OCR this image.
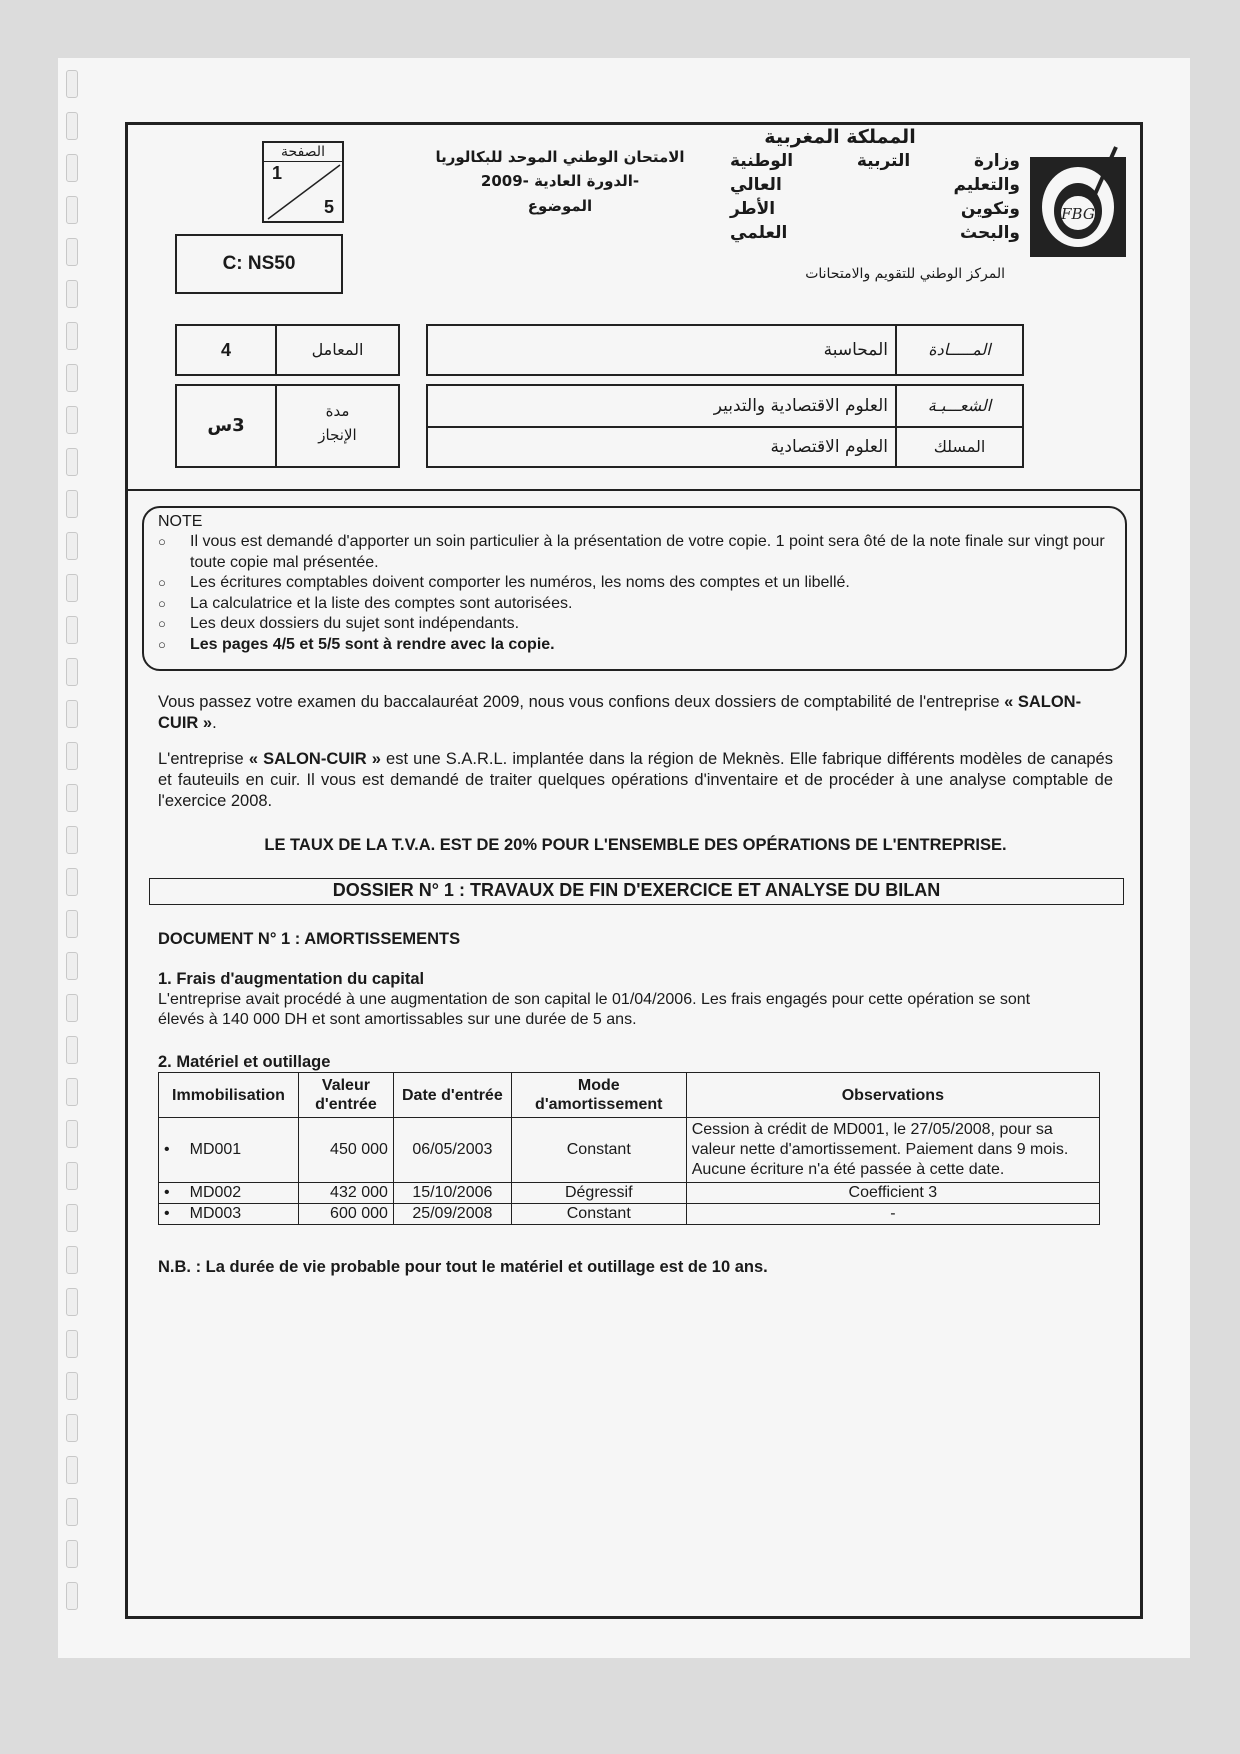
الصفحة
1
5
C: NS50
الامتحان الوطني الموحد للبكالوريا
-الدورة العادية -2009
الموضوع
المملكة المغربية
وزارة التربية الوطنية
والتعليم العالي
وتكوين الأطر
والبحث العلمي
المركز الوطني للتقويم والامتحانات
FBG
4	المعامل
3س
مدة
الإنجاز
المـــــادة
المحاسبة
الشعـــبـة
العلوم الاقتصادية والتدبير
المسلك
العلوم الاقتصادية
NOTE
○ Il vous est demandé d'apporter un soin particulier à la présentation de votre copie. 1 point sera ôté de la note finale sur vingt pour toute copie mal présentée.
○ Les écritures comptables doivent comporter les numéros, les noms des comptes et un libellé.
○ La calculatrice et la liste des comptes sont autorisées.
○ Les deux dossiers du sujet sont indépendants.
○ Les pages 4/5 et 5/5 sont à rendre avec la copie.

Vous passez votre examen du baccalauréat 2009, nous vous confions deux dossiers de comptabilité de l'entreprise « SALON-CUIR ».

L'entreprise « SALON-CUIR » est une S.A.R.L. implantée dans la région de Meknès. Elle fabrique différents modèles de canapés et fauteuils en cuir. Il vous est demandé de traiter quelques opérations d'inventaire et de procéder à une analyse comptable de l'exercice 2008.

LE TAUX DE LA T.V.A. EST DE 20% POUR L'ENSEMBLE DES OPÉRATIONS DE L'ENTREPRISE.
DOSSIER N° 1 : TRAVAUX DE FIN D'EXERCICE ET ANALYSE DU BILAN
DOCUMENT N° 1 : AMORTISSEMENTS
1. Frais d'augmentation du capital

L'entreprise avait procédé à une augmentation de son capital le 01/04/2006. Les frais engagés pour cette opération se sont élevés à 140 000 DH et sont amortissables sur une durée de 5 ans.

2. Matériel et outillage
Immobilisation	Valeur d'entrée	Date d'entrée	Mode d'amortissement	Observations
• MD001	450 000	06/05/2003	Constant	Cession à crédit de MD001, le 27/05/2008, pour sa valeur nette d'amortissement. Paiement dans 9 mois. Aucune écriture n'a été passée à cette date.
• MD002	432 000	15/10/2006	Dégressif	Coefficient 3
• MD003	600 000	25/09/2008	Constant	-
N.B. : La durée de vie probable pour tout le matériel et outillage est de 10 ans.
